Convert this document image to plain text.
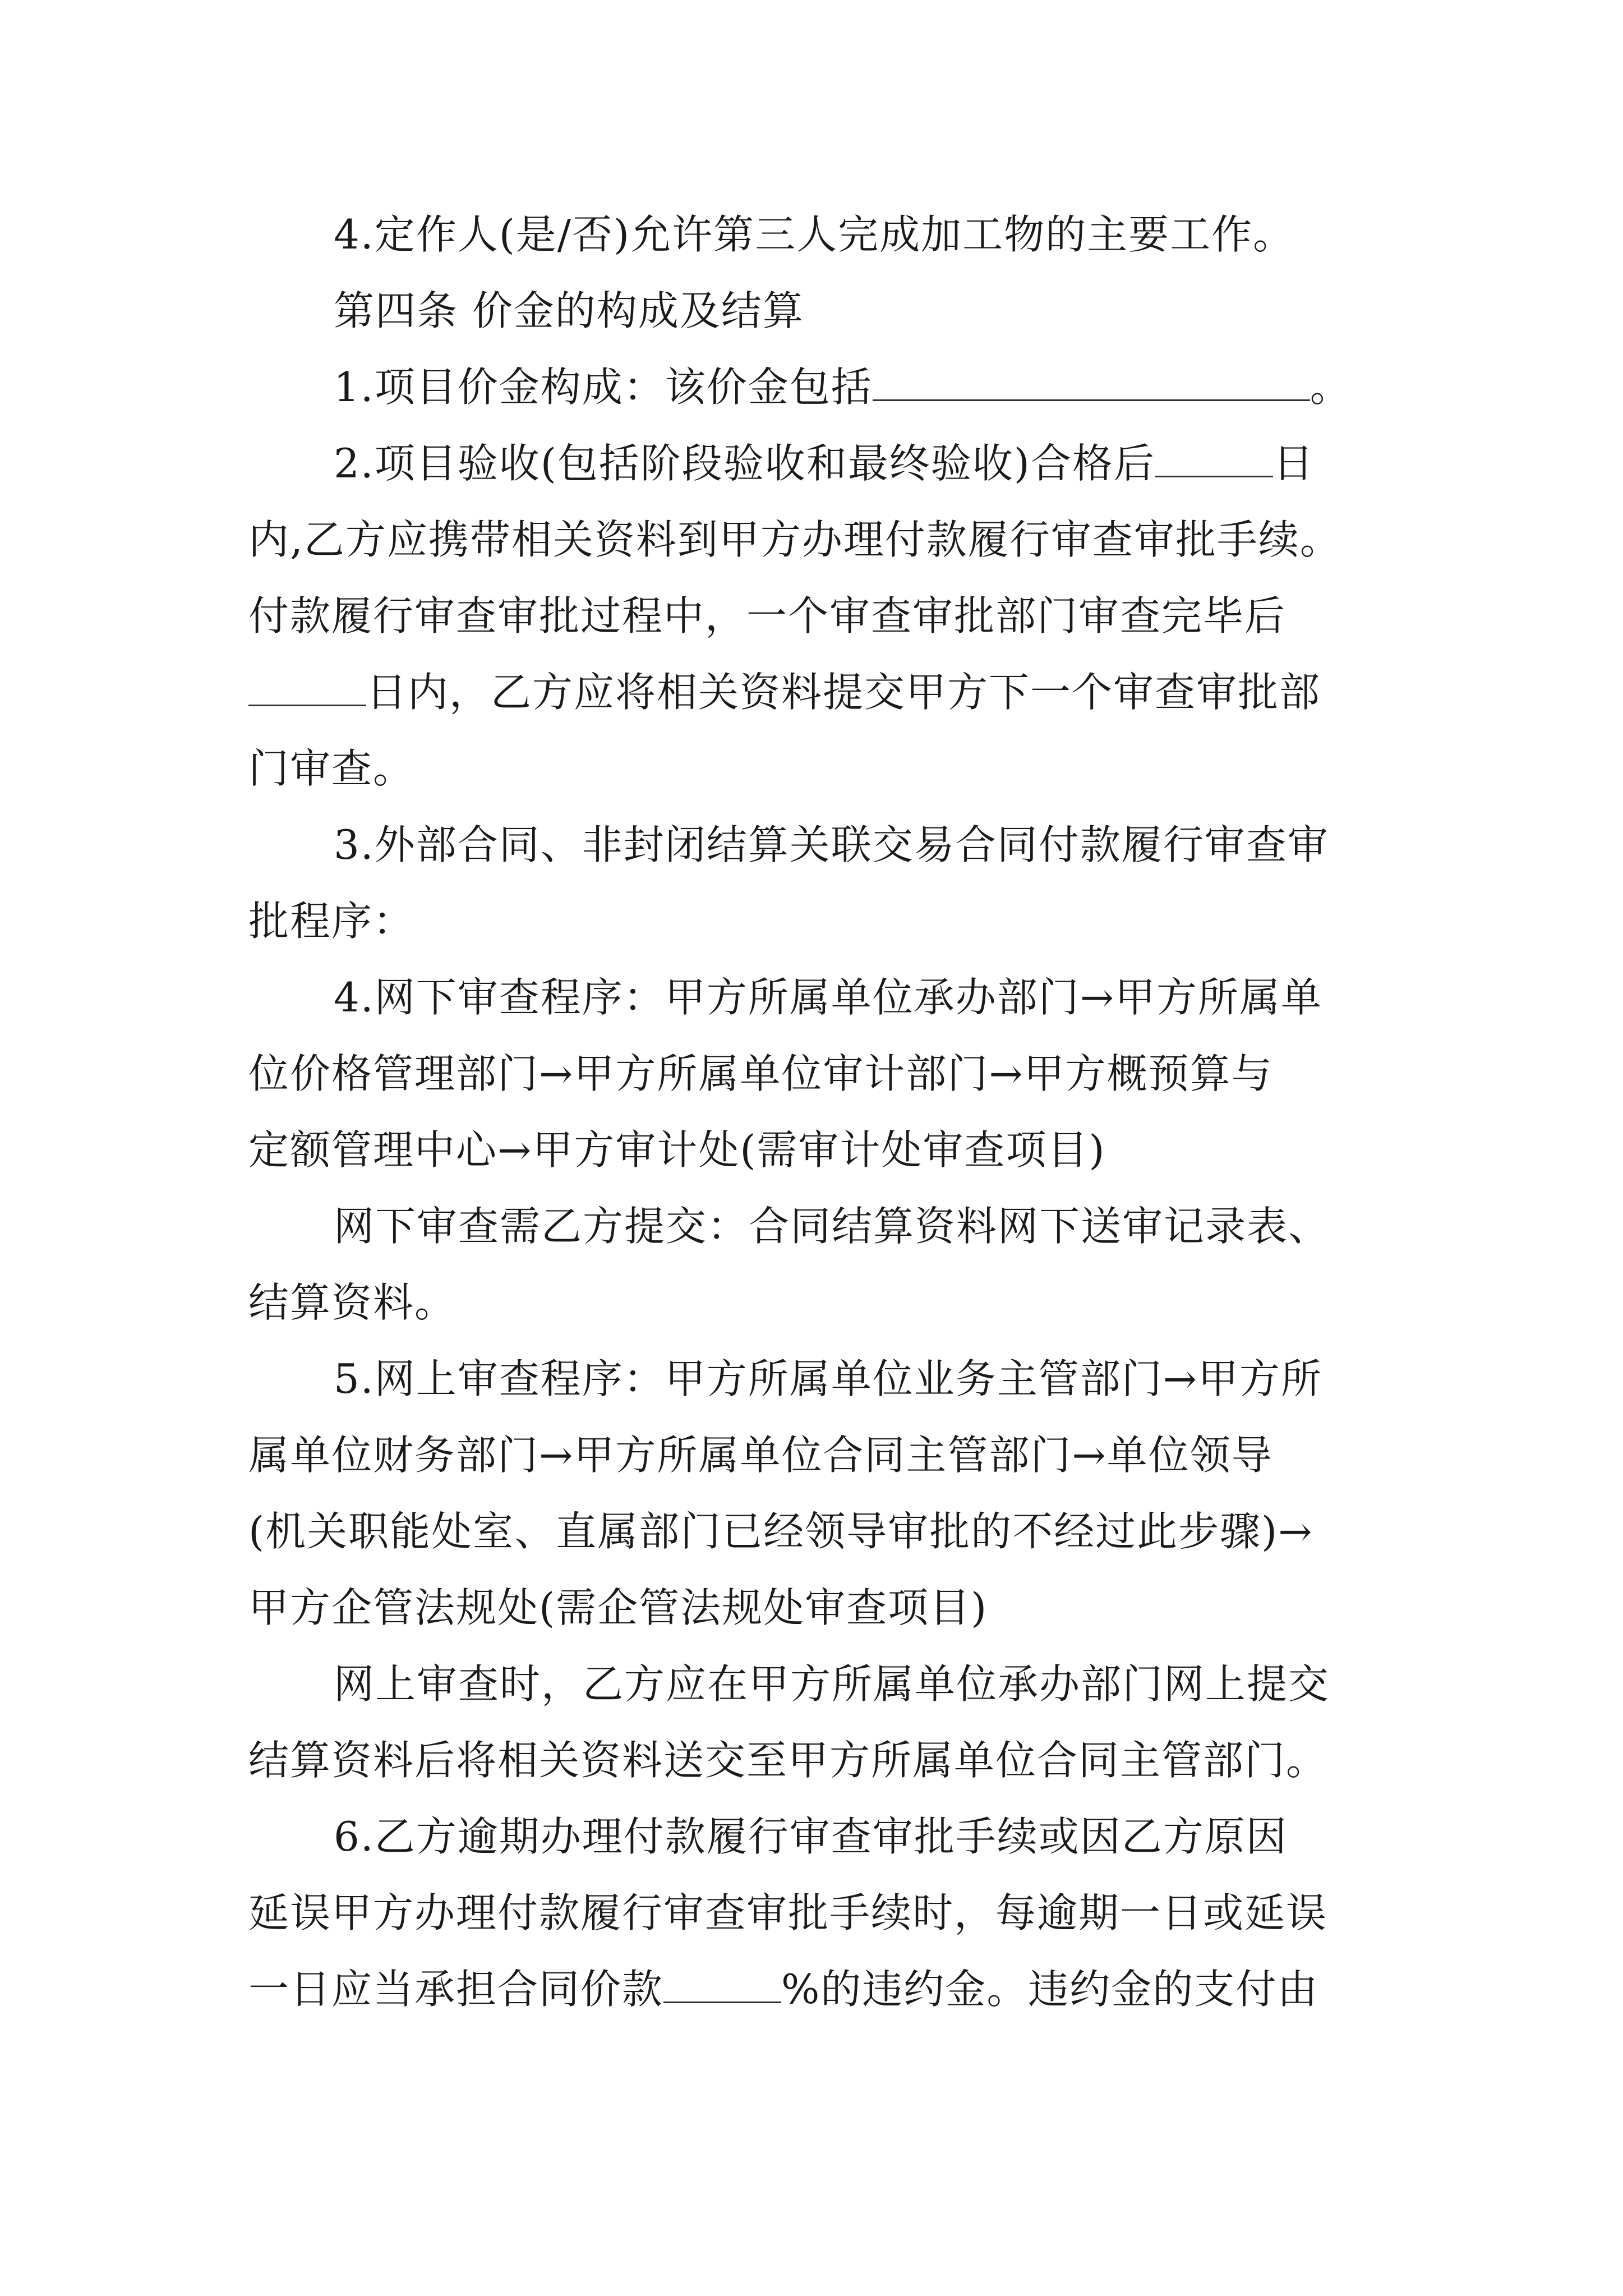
4.定作人(是/否)允许第三人完成加工物的主要工作。
第四条 价金的构成及结算
1.项目价金构成：该价金包括	。
2.项目验收(包括阶段验收和最终验收)合格后	日
内,乙方应携带相关资料到甲方办理付款履行审查审批手续。
付款履行审查审批过程中，一个审查审批部门审查完毕后
日内，乙方应将相关资料提交甲方下一个审查审批部
门审查。
3.外部合同、非封闭结算关联交易合同付款履行审查审
批程序：
4.网下审查程序：甲方所属单位承办部门→甲方所属单
位价格管理部门→甲方所属单位审计部门→甲方概预算与
定额管理中心→甲方审计处(需审计处审查项目)
网下审查需乙方提交：合同结算资料网下送审记录表、
结算资料。
5.网上审查程序：甲方所属单位业务主管部门→甲方所
属单位财务部门→甲方所属单位合同主管部门→单位领导
(机关职能处室、直属部门已经领导审批的不经过此步骤)→
甲方企管法规处(需企管法规处审查项目)
网上审查时，乙方应在甲方所属单位承办部门网上提交
结算资料后将相关资料送交至甲方所属单位合同主管部门。
6.乙方逾期办理付款履行审查审批手续或因乙方原因
延误甲方办理付款履行审查审批手续时，每逾期一日或延误
一日应当承担合同价款	%的违约金。违约金的支付由
